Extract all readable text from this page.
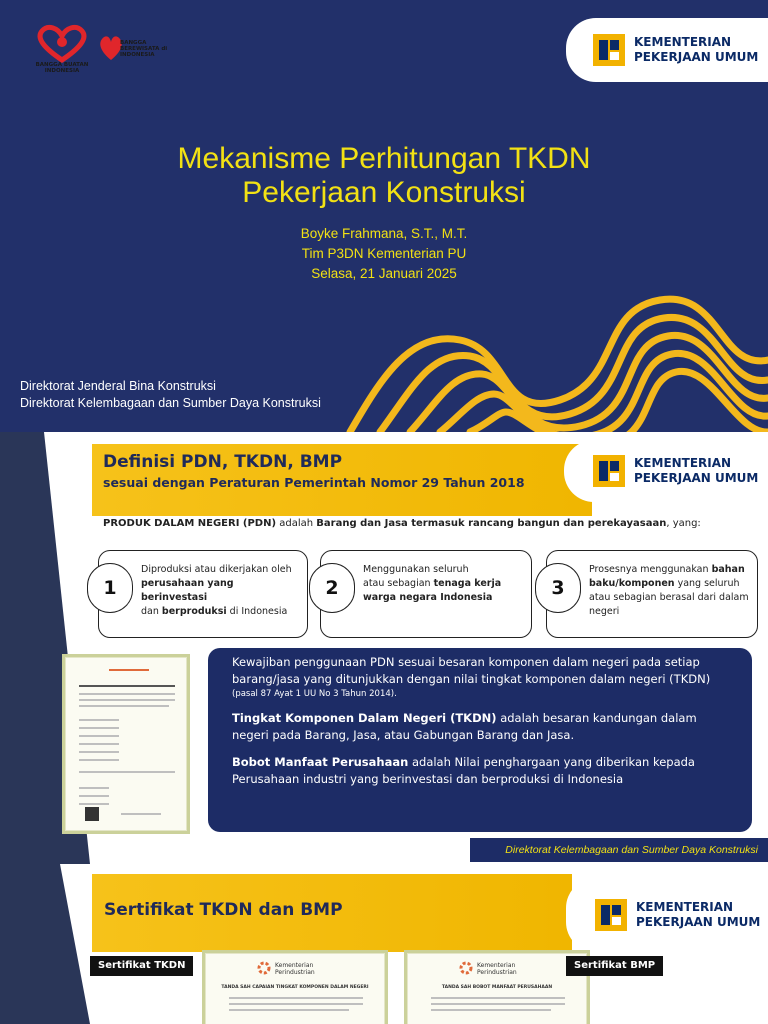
BANGGA BUATAN INDONESIA
BANGGA BEREWISATA di INDONESIA
KEMENTERIAN
PEKERJAAN UMUM
Mekanisme Perhitungan TKDN
Pekerjaan Konstruksi
Boyke Frahmana, S.T., M.T.
Tim P3DN Kementerian PU
Selasa, 21 Januari 2025
Direktorat Jenderal Bina Konstruksi
Direktorat Kelembagaan dan Sumber Daya Konstruksi
Definisi PDN, TKDN, BMP
sesuai dengan Peraturan Pemerintah Nomor 29 Tahun 2018
KEMENTERIAN
PEKERJAAN UMUM
PRODUK DALAM NEGERI (PDN) adalah Barang dan Jasa termasuk rancang bangun dan perekayasaan, yang:
1
Diproduksi atau dikerjakan oleh
perusahaan yang berinvestasi
dan berproduksi di Indonesia
2
Menggunakan seluruh
atau sebagian tenaga kerja
warga negara Indonesia	3
Prosesnya menggunakan bahan baku/komponen yang seluruh atau sebagian berasal dari dalam negeri

Kewajiban penggunaan PDN sesuai besaran komponen dalam negeri pada setiap barang/jasa yang ditunjukkan dengan nilai tingkat komponen dalam negeri (TKDN)

(pasal 87 Ayat 1 UU No 3 Tahun 2014).

Tingkat Komponen Dalam Negeri (TKDN) adalah besaran kandungan dalam negeri pada Barang, Jasa, atau Gabungan Barang dan Jasa.

Bobot Manfaat Perusahaan adalah Nilai penghargaan yang diberikan kepada Perusahaan industri yang berinvestasi dan berproduksi di Indonesia

Direktorat Kelembagaan dan Sumber Daya Konstruksi
Sertifikat TKDN dan BMP	KEMENTERIAN
PEKERJAAN UMUM
Kementerian
Perindustrian
TANDA SAH CAPAIAN TINGKAT KOMPONEN DALAM NEGERI
Kementerian
Perindustrian
TANDA SAH BOBOT MANFAAT PERUSAHAAN
Sertifikat TKDN	Sertifikat BMP
